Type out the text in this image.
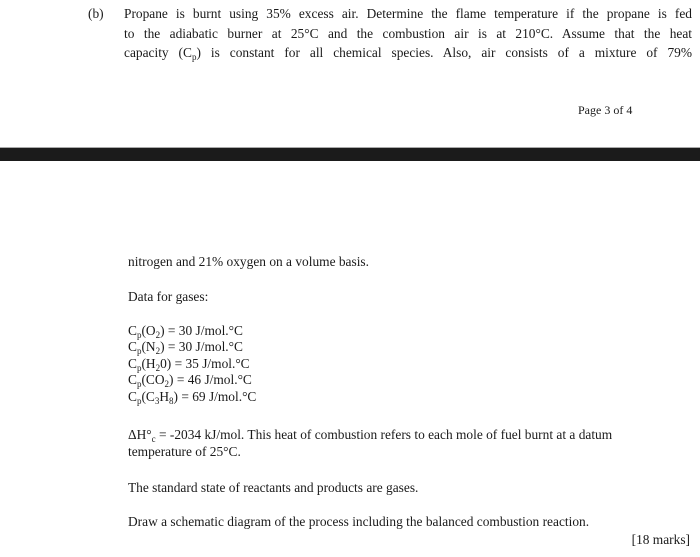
(b) Propane is burnt using 35% excess air. Determine the flame temperature if the propane is fed
to the adiabatic burner at 25°C and the combustion air is at 210°C. Assume that the heat
capacity $(C_p)$ is constant for all chemical species. Also, air consists of a mixture of 79%
Page 3 of 4
nitrogen and 21% oxygen on a volume basis.
Data for gases:
$C_p(O_2) = 30$ J/mol.°C
$C_p(N_2) = 30$ J/mol.°C
$C_p(H_20) = 35$ J/mol.°C
$C_p(CO_2) = 46$ J/mol.°C
$C_p(C_3H_8) = 69$ J/mol.°C
$\Delta H^\circ_c = -2034$ kJ/mol. This heat of combustion refers to each mole of fuel burnt at a datum
temperature of 25°C.
The standard state of reactants and products are gases.
Draw a schematic diagram of the process including the balanced combustion reaction.
[18 marks]
